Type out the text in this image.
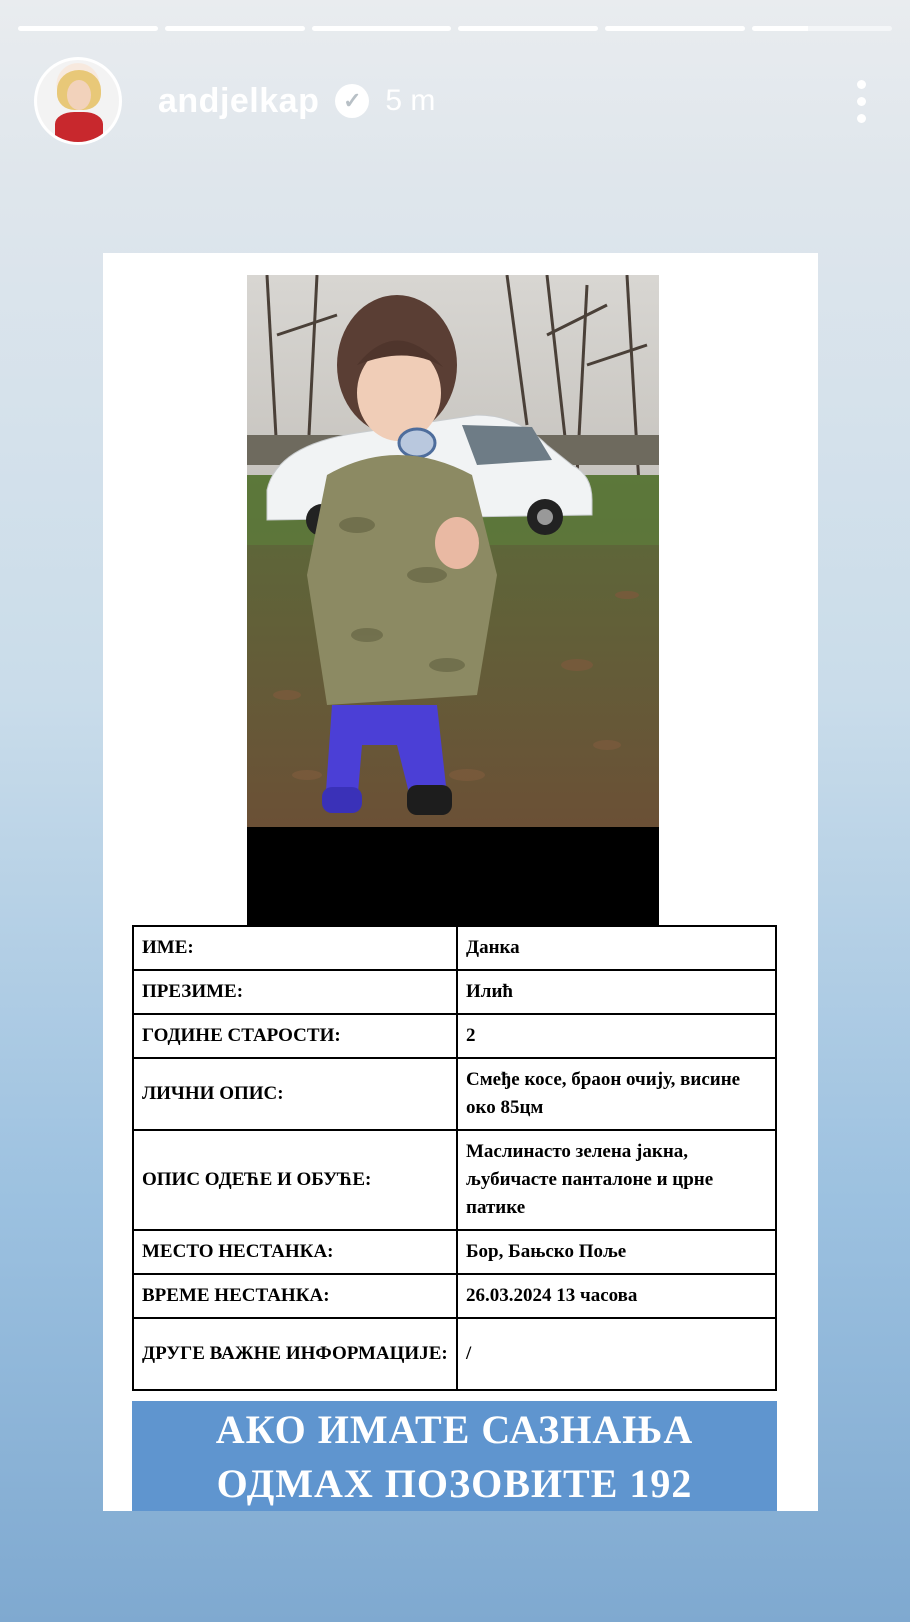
andjelkap	✓ 5 m
ИМЕ:	Данка
ПРЕЗИМЕ:	Илић
ГОДИНЕ СТАРОСТИ:	2
ЛИЧНИ ОПИС:	Смеђе косе, браон очију, висине око 85цм
ОПИС ОДЕЋЕ И ОБУЋЕ:	Маслинасто зелена јакна, љубичасте панталоне и црне патике
МЕСТО НЕСТАНКА:	Бор, Бањско Поље
ВРЕМЕ НЕСТАНКА:	26.03.2024 13 часова
ДРУГЕ ВАЖНЕ ИНФОРМАЦИЈЕ:	/
АКО ИМАТЕ САЗНАЊА
ОДМАХ ПОЗОВИТЕ 192
